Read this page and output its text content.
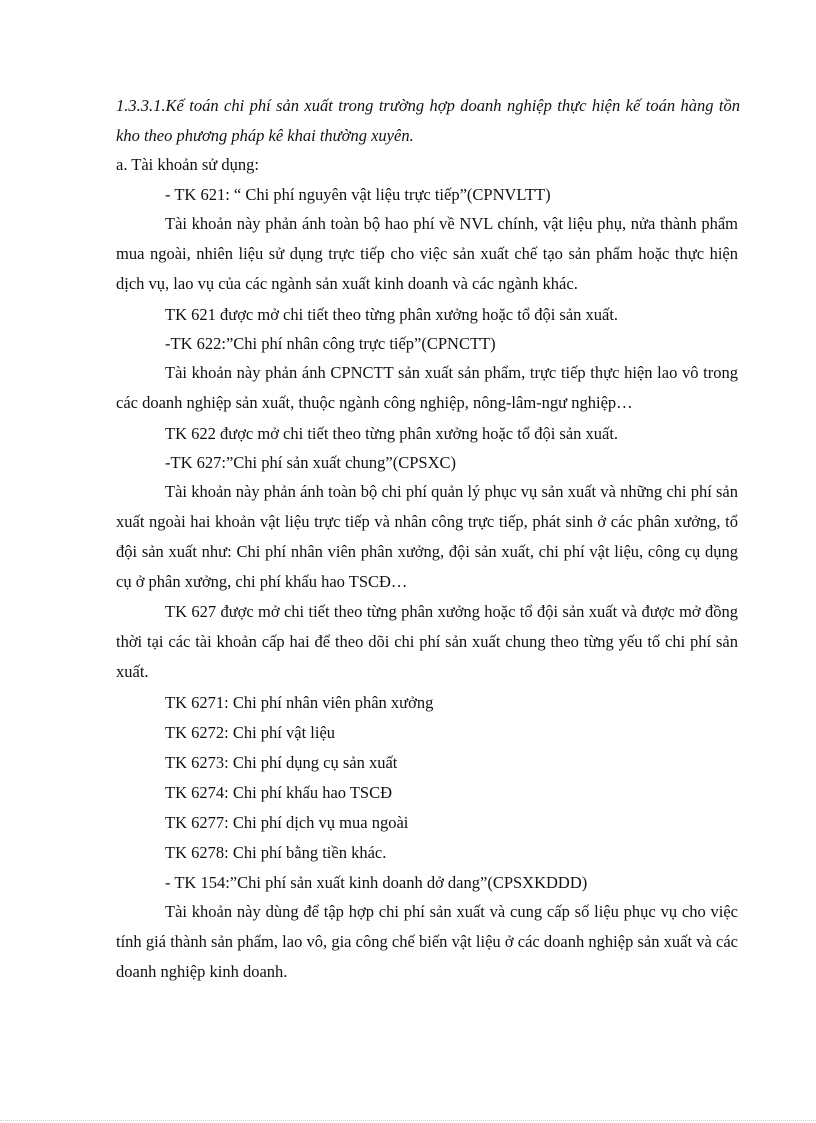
1.3.3.1.Kế toán chi phí sản xuất trong trường hợp doanh nghiệp thực hiện kế toán hàng tồn kho theo phương pháp kê khai thường xuyên.
a. Tài khoản sử dụng:
- TK 621: “ Chi phí nguyên vật liệu trực tiếp”(CPNVLTT)

Tài khoản này phản ánh toàn bộ hao phí về NVL chính, vật liệu phụ, nửa thành phẩm mua ngoài, nhiên liệu sử dụng trực tiếp cho việc sản xuất chế tạo sản phẩm hoặc thực hiện dịch vụ, lao vụ của các ngành sản xuất kinh doanh và các ngành khác.

TK 621 được mở chi tiết theo từng phân xưởng hoặc tổ đội sản xuất.
-TK 622:”Chi phí nhân công trực tiếp”(CPNCTT)

Tài khoản này phản ánh CPNCTT sản xuất sản phẩm, trực tiếp thực hiện lao vô trong các doanh nghiệp sản xuất, thuộc ngành công nghiệp, nông-lâm-ngư nghiệp…

TK 622 được mở chi tiết theo từng phân xưởng hoặc tổ đội sản xuất.
-TK 627:”Chi phí sản xuất chung”(CPSXC)

Tài khoản này phản ánh toàn bộ chi phí quản lý phục vụ sản xuất và những chi phí sản xuất ngoài hai khoản vật liệu trực tiếp và nhân công trực tiếp, phát sinh ở các phân xưởng, tổ đội sản xuất như: Chi phí nhân viên phân xưởng, đội sản xuất, chi phí vật liệu, công cụ dụng cụ ở phân xưởng, chi phí khấu hao TSCĐ…

TK 627 được mở chi tiết theo từng phân xưởng hoặc tổ đội sản xuất và được mở đồng thời tại các tài khoản cấp hai để theo dõi chi phí sản xuất chung theo từng yếu tố chi phí sản xuất.

TK 6271: Chi phí nhân viên phân xưởng
TK 6272: Chi phí vật liệu
TK 6273: Chi phí dụng cụ sản xuất
TK 6274: Chi phí khấu hao TSCĐ
TK 6277: Chi phí dịch vụ mua ngoài
TK 6278: Chi phí bằng tiền khác.
- TK 154:”Chi phí sản xuất kinh doanh dở dang”(CPSXKDDD)

Tài khoản này dùng để tập hợp chi phí sản xuất và cung cấp số liệu phục vụ cho việc tính giá thành sản phẩm, lao vô, gia công chế biến vật liệu ở các doanh nghiệp sản xuất và các doanh nghiệp kinh doanh.
